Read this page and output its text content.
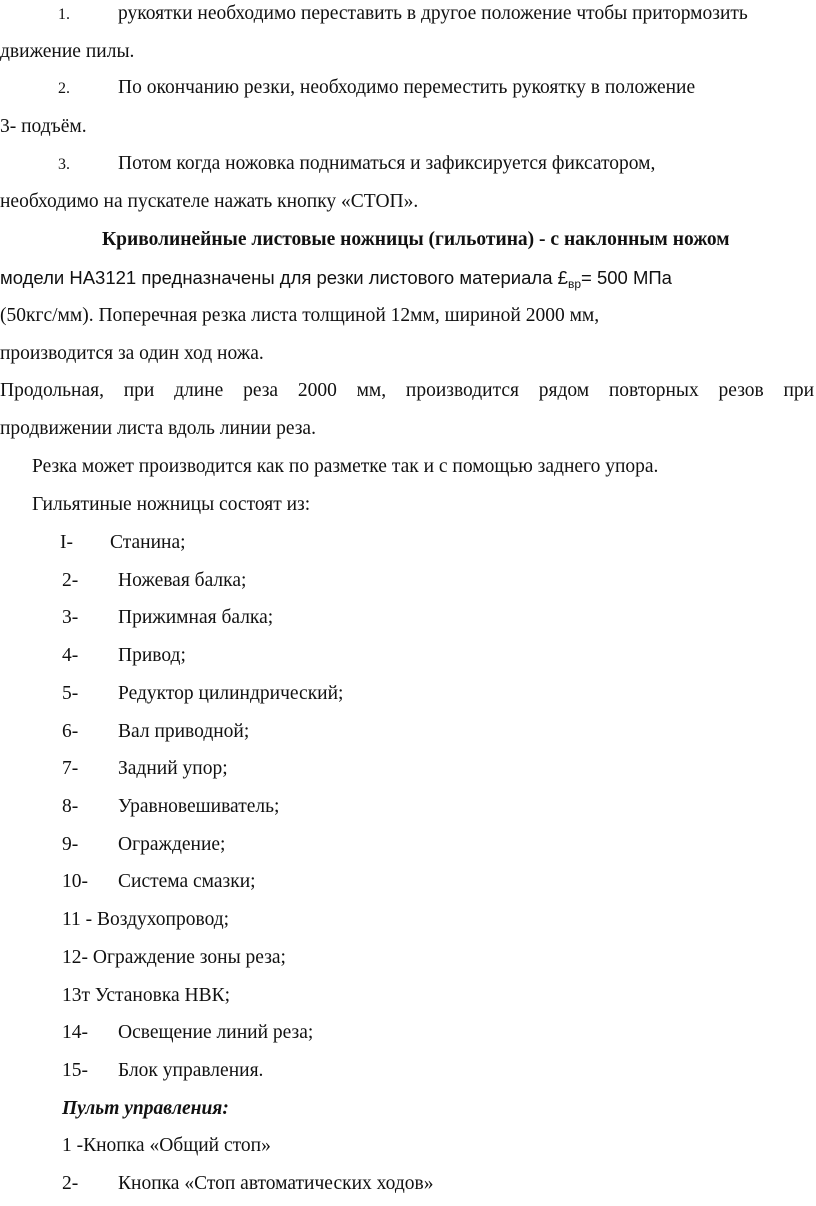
1. рукоятки необходимо переставить в другое положение чтобы притормозить
движение пилы.
2. По окончанию резки, необходимо переместить рукоятку в положение
3- подъём.
3. Потом когда ножовка подниматься и зафиксируется фиксатором,
необходимо на пускателе нажать кнопку «СТОП».
Криволинейные листовые ножницы (гильотина) - с наклонным ножом
модели НА3121 предназначены для резки листового материала $£_{вр}= 500$ МПа
(50кгс/мм). Поперечная резка листа толщиной 12мм, шириной 2000 мм,
производится за один ход ножа.
Продольная, при длине реза 2000 мм, производится рядом повторных резов при
продвижении листа вдоль линии реза.
Резка может производится как по разметке так и с помощью заднего упора.
Гильятиные ножницы состоят из:
I- Станина;
2- Ножевая балка;
3- Прижимная балка;
4- Привод;
5- Редуктор цилиндрический;
6- Вал приводной;
7- Задний упор;
8- Уравновешиватель;
9- Ограждение;
10- Система смазки;
11 - Воздухопровод;
12- Ограждение зоны реза;
13т Установка НВК;
14- Освещение линий реза;
15- Блок управления.
Пульт управления:
1 -Кнопка «Общий стоп»
2- Кнопка «Стоп автоматических ходов»
